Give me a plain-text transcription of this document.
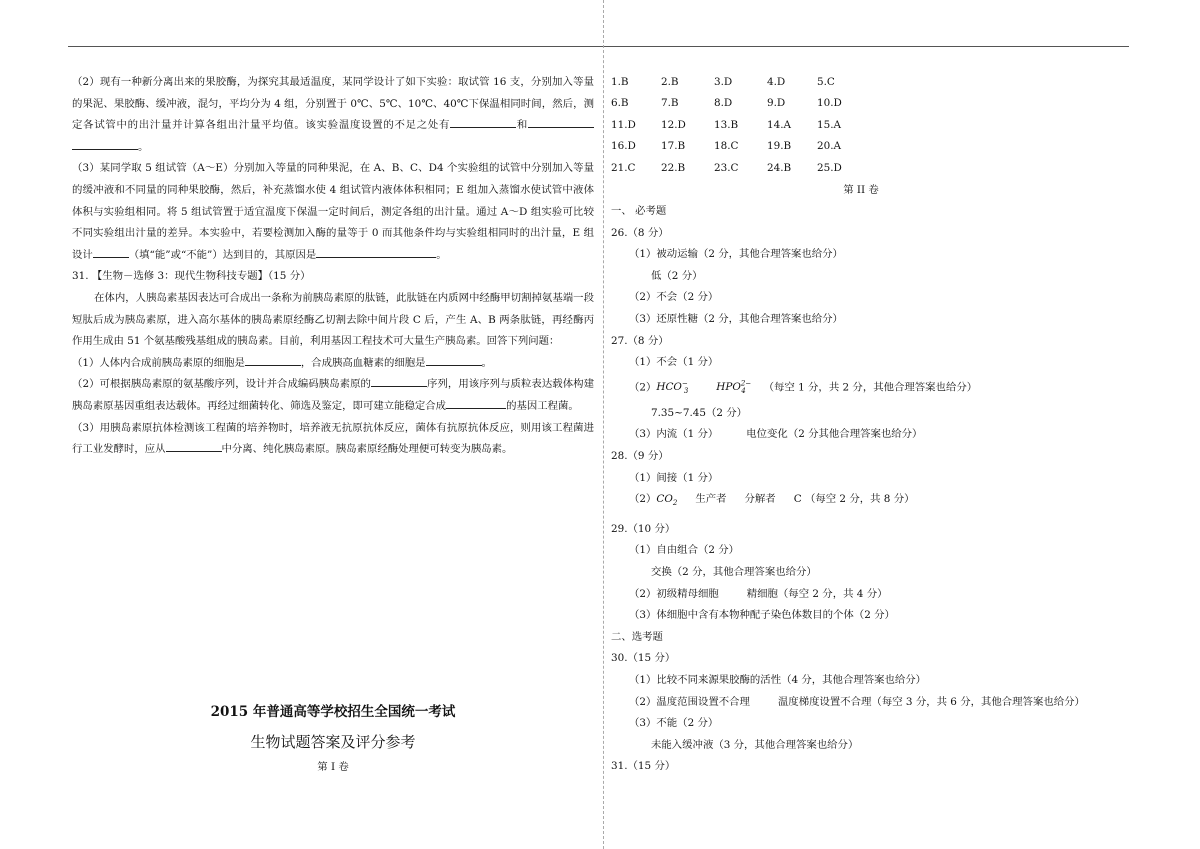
（2）现有一种新分离出来的果胶酶，为探究其最适温度，某同学设计了如下实验：取试管 16 支，分别加入等量的果泥、果胶酶、缓冲液，混匀，平均分为 4 组，分别置于 0℃、5℃、10℃、40℃下保温相同时间，然后，测定各试管中的出汁量并计算各组出汁量平均值。该实验温度设置的不足之处有	和。

（3）某同学取 5 组试管（A～E）分别加入等量的同种果泥，在 A、B、C、D4 个实验组的试管中分别加入等量的缓冲液和不同量的同种果胶酶，然后，补充蒸馏水使 4 组试管内液体体积相同；E 组加入蒸馏水使试管中液体体积与实验组相同。将 5 组试管置于适宜温度下保温一定时间后，测定各组的出汁量。通过 A～D 组实验可比较不同实验组出汁量的差异。本实验中，若要检测加入酶的量等于 0 而其他条件均与实验组相同时的出汁量，E 组设计	（填“能”或“不能”）达到目的，其原因是	。

31. 【生物－选修 3：现代生物科技专题】（15 分）

在体内，人胰岛素基因表达可合成出一条称为前胰岛素原的肽链，此肽链在内质网中经酶甲切割掉氨基端一段短肽后成为胰岛素原，进入高尔基体的胰岛素原经酶乙切割去除中间片段 C 后，产生 A、B 两条肽链，再经酶丙作用生成由 51 个氨基酸残基组成的胰岛素。目前，利用基因工程技术可大量生产胰岛素。回答下列问题：

（1）人体内合成前胰岛素原的细胞是	，合成胰高血糖素的细胞是	。

（2）可根据胰岛素原的氨基酸序列，设计并合成编码胰岛素原的	序列，用该序列与质粒表达载体构建胰岛素原基因重组表达载体。再经过细菌转化、筛选及鉴定，即可建立能稳定合成	的基因工程菌。

（3）用胰岛素原抗体检测该工程菌的培养物时，培养液无抗原抗体反应，菌体有抗原抗体反应，则用该工程菌进行工业发酵时，应从	中分离、纯化胰岛素原。胰岛素原经酶处理便可转变为胰岛素。

2015 年普通高等学校招生全国统一考试
生物试题答案及评分参考
第 I 卷
1.B	2.B	3.D	4.D	5.C
6.B	7.B	8.D	9.D	10.D
11.D	12.D	13.B	14.A	15.A
16.D	17.B	18.C	19.B	20.A
21.C	22.B	23.C	24.B	25.D
第 II 卷
一、 必考题
26.（8 分）
（1）被动运输（2 分，其他合理答案也给分）
低（2 分）
（2）不会（2 分）
（3）还原性糖（2 分，其他合理答案也给分）
27.（8 分）
（1）不会（1 分）
$(2)HCO^-_3$	$HPO^{2-}_4$ （每空 1 分，共 2 分，其他合理答案也给分）
7.35~7.45（2 分）
（3）内流（1 分）	电位变化（2 分其他合理答案也给分）
28.（9 分）
（1）间接（1 分）
$(2)CO_2$ 生产者 分解者 C （每空 2 分，共 8 分）
29.（10 分）
（1）自由组合（2 分）
交换（2 分，其他合理答案也给分）
（2）初级精母细胞	精细胞（每空 2 分，共 4 分）
（3）体细胞中含有本物种配子染色体数目的个体（2 分）
二、选考题
30.（15 分）
（1）比较不同来源果胶酶的活性（4 分，其他合理答案也给分）
（2）温度范围设置不合理	温度梯度设置不合理（每空 3 分，共 6 分，其他合理答案也给分）
（3）不能（2 分）
未能入缓冲液（3 分，其他合理答案也给分）
31.（15 分）
